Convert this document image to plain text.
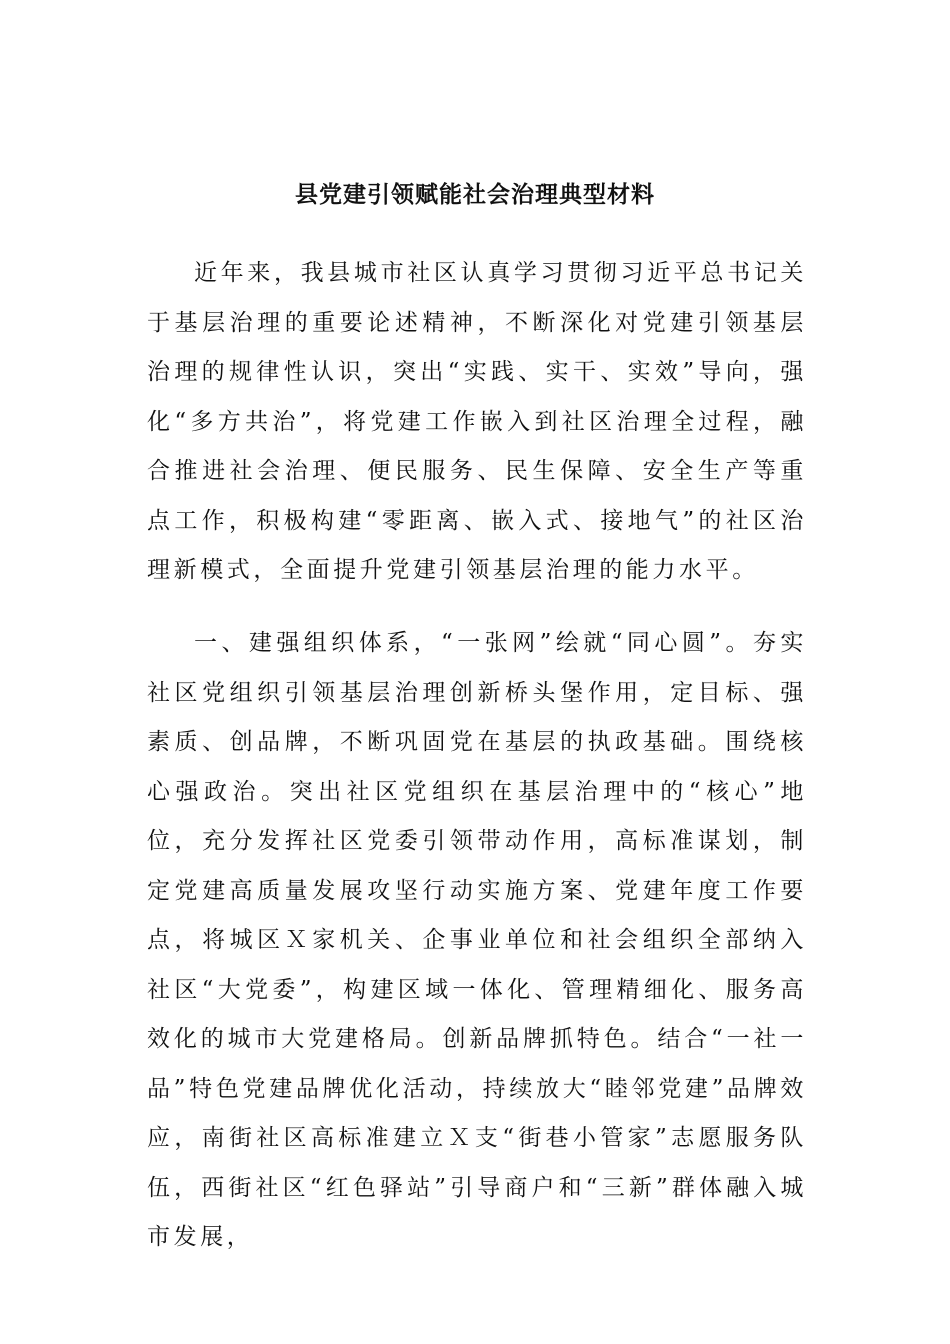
县党建引领赋能社会治理典型材料

近年来，我县城市社区认真学习贯彻习近平总书记关于基层治理的重要论述精神，不断深化对党建引领基层治理的规律性认识，突出“实践、实干、实效”导向，强化“多方共治”，将党建工作嵌入到社区治理全过程，融合推进社会治理、便民服务、民生保障、安全生产等重点工作，积极构建“零距离、嵌入式、接地气”的社区治理新模式，全面提升党建引领基层治理的能力水平。

一、建强组织体系，“一张网”绘就“同心圆”。夯实社区党组织引领基层治理创新桥头堡作用，定目标、强素质、创品牌，不断巩固党在基层的执政基础。围绕核心强政治。突出社区党组织在基层治理中的“核心”地位，充分发挥社区党委引领带动作用，高标准谋划，制定党建高质量发展攻坚行动实施方案、党建年度工作要点，将城区Ｘ家机关、企事业单位和社会组织全部纳入社区“大党委”，构建区域一体化、管理精细化、服务高效化的城市大党建格局。创新品牌抓特色。结合“一社一品”特色党建品牌优化活动，持续放大“睦邻党建”品牌效应，南街社区高标准建立Ｘ支“街巷小管家”志愿服务队伍，西街社区“红色驿站”引导商户和“三新”群体融入城市发展，
